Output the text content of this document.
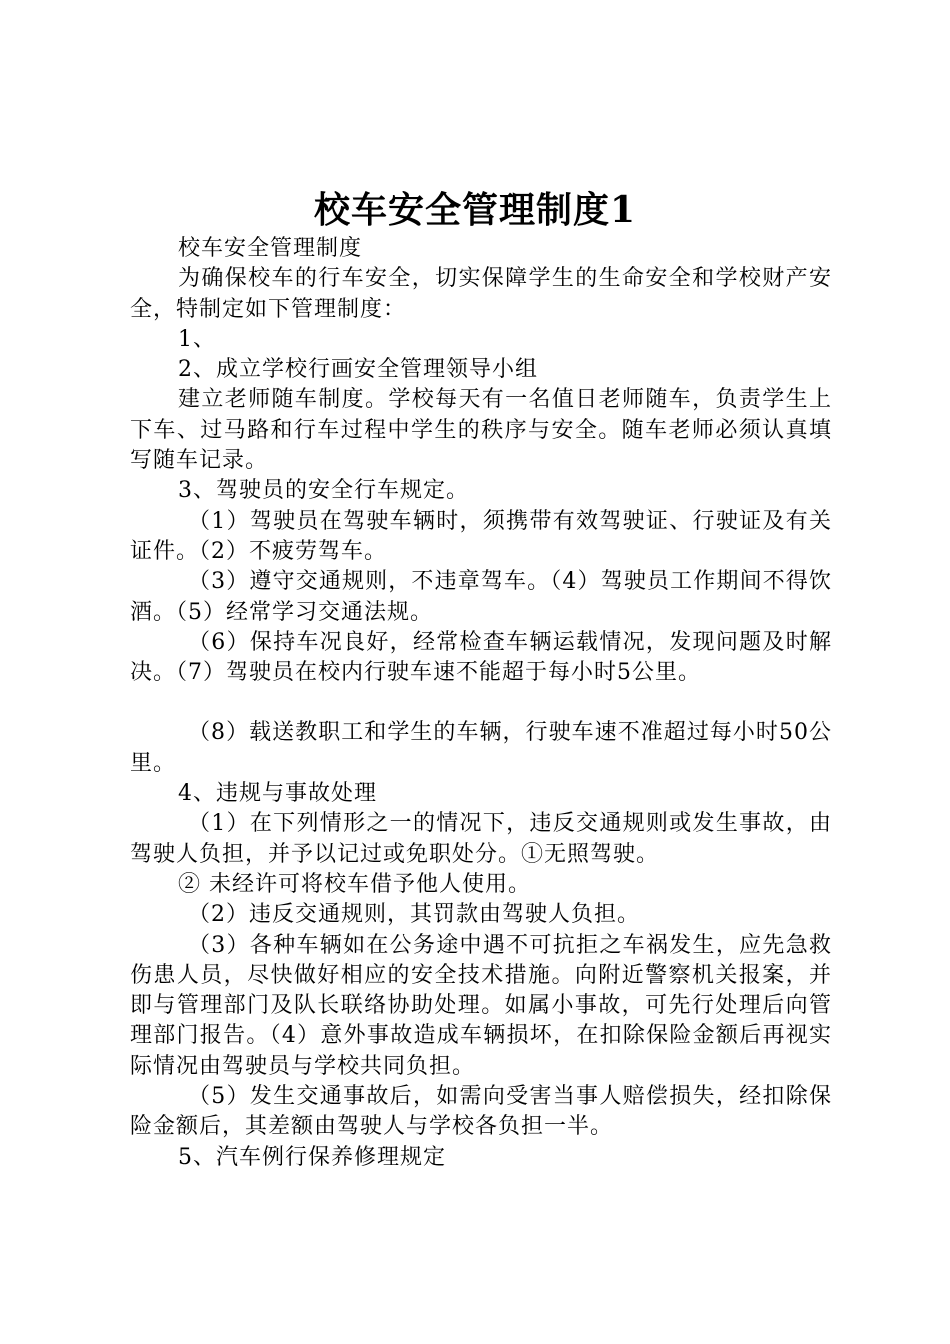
校车安全管理制度1

校车安全管理制度

为确保校车的行车安全，切实保障学生的生命安全和学校财产安全，特制定如下管理制度：

1、

2、成立学校行画安全管理领导小组

建立老师随车制度。学校每天有一名值日老师随车，负责学生上下车、过马路和行车过程中学生的秩序与安全。随车老师必须认真填写随车记录。

3、驾驶员的安全行车规定。

（1）驾驶员在驾驶车辆时，须携带有效驾驶证、行驶证及有关证件。（2）不疲劳驾车。

（3）遵守交通规则，不违章驾车。（4）驾驶员工作期间不得饮酒。（5）经常学习交通法规。

（6）保持车况良好，经常检查车辆运载情况，发现问题及时解决。（7）驾驶员在校内行驶车速不能超于每小时5公里。

（8）载送教职工和学生的车辆，行驶车速不准超过每小时50公里。

4、违规与事故处理

（1）在下列情形之一的情况下，违反交通规则或发生事故，由驾驶人负担，并予以记过或免职处分。①无照驾驶。

② 未经许可将校车借予他人使用。

（2）违反交通规则，其罚款由驾驶人负担。

（3）各种车辆如在公务途中遇不可抗拒之车祸发生，应先急救伤患人员，尽快做好相应的安全技术措施。向附近警察机关报案，并即与管理部门及队长联络协助处理。如属小事故，可先行处理后向管理部门报告。（4）意外事故造成车辆损坏，在扣除保险金额后再视实际情况由驾驶员与学校共同负担。

（5）发生交通事故后，如需向受害当事人赔偿损失，经扣除保险金额后，其差额由驾驶人与学校各负担一半。

5、汽车例行保养修理规定
